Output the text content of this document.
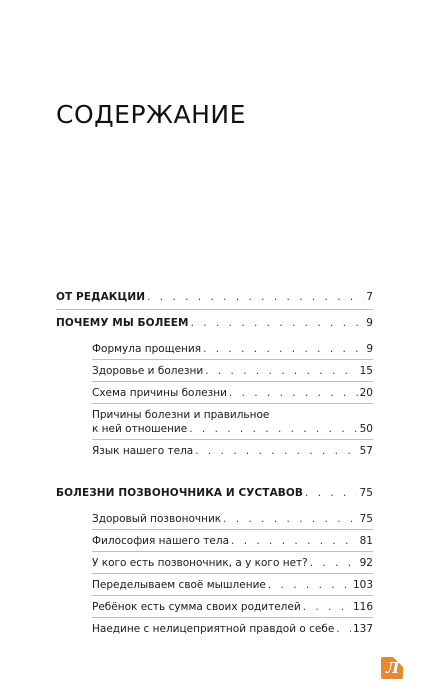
СОДЕРЖАНИЕ
ОТ РЕДАКЦИИ . . .	7
ПОЧЕМУ МЫ БОЛЕЕМ . . .	9
Формула прощения . . .	9
Здоровье и болезни . . .	15
Схема причины болезни . . .	20
Причины болезни и правильное
к ней отношение . . .	50
Язык нашего тела . . .	57
БОЛЕЗНИ ПОЗВОНОЧНИКА И СУСТАВОВ . . .	75
Здоровый позвоночник . . .	75
Философия нашего тела . . .	81
У кого есть позвоночник, а у кого нет? . . .	92
Переделываем своё мышление . . .	103
Ребёнок есть сумма своих родителей . . .	116
Наедине с нелицеприятной правдой о себе . . . 137
Л
